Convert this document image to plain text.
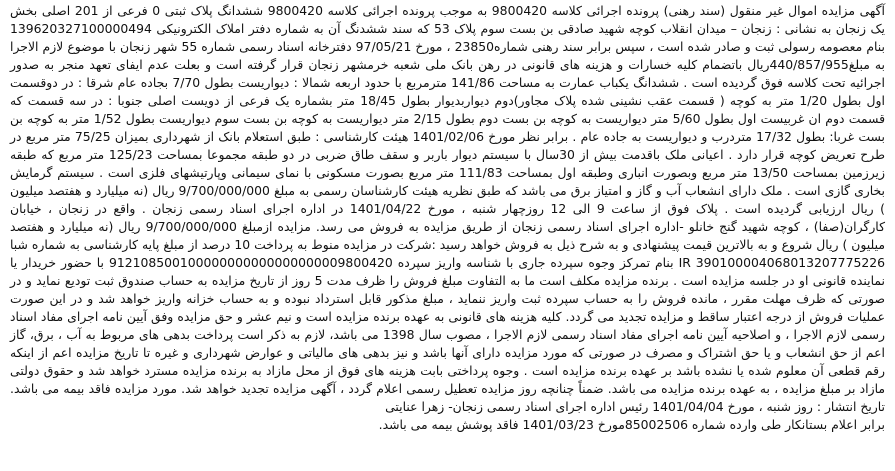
آگهی مزایده اموال غیر منقول (سند رهنی) پرونده اجرائی کلاسه 9800420 به موجب پرونده اجرائی کلاسه 9800420 ششدانگ پلاک ثبتی 0 فرعی از 201 اصلی بخش یک زنجان به نشانی : زنجان – میدان انقلاب کوچه شهید صادقی بن بست سوم پلاک 53 که سند ششدنگ آن به شماره دفتر املاک الکترونیکی 139620327100000494 بنام معصومه رسولی ثبت و صادر شده است ، سپس برابر سند رهنی شماره23850 ، مورخ 97/05/21 دفترخانه اسناد رسمی شماره 55 شهر زنجان با موضوع لازم الاجرا به مبلغ440/857/955ریال باتضمام کلیه خسارات و هزینه های قانونی در رهن بانک ملی شعبه خرمشهر زنجان قرار گرفته است و بعلت عدم ایفای تعهد منجر به صدور اجرائیه تحت کلاسه فوق گردیده است . ششدانگ یکباب عمارت به مساحت 141/86 مترمربع با حدود اربعه شمالا : دیواریست بطول 7/70 بجاده عام شرقا : در دوقسمت اول بطول 1/20 متر به کوچه ( قسمت عقب نشینی شده پلاک مجاور)دوم دیواربدیوار بطول 18/45 متر بشماره یک فرعی از دویست اصلی جنوبا : در سه قسمت که قسمت دوم ان غربیست اول بطول 5/60 متر دیواریست به کوچه بن بست دوم بطول 2/15 متر دیواریست به کوچه بن بست سوم دیواریست بطول 1/52 متر به کوچه بن بست غربا: بطول 17/32 متردرب و دیواریست به جاده عام . برابر نظر مورخ 1401/02/06 هیئت کارشناسی : طبق استعلام بانک از شهرداری بمیزان 75/25 متر مربع در طرح تعریض کوچه قرار دارد . اعیانی ملک باقدمت بیش از 30سال با سیستم دیوار باربر و سقف طاق ضربی در دو طبقه مجموعا بمساحت 125/23 متر مربع که طبقه زیرزمین بمساحت 13/50 متر مربع وبصورت انباری وطبقه اول بمساحت 111/83 متر مربع بصورت مسکونی با نمای سیمانی وپارتیشهای فلزی است . سیستم گرمایش بخاری گازی است . ملک دارای انشعاب آب و گاز و امتیاز برق می باشد که طبق نظریه هیئت کارشناسان رسمی به مبلغ 9/700/000/000 ریال (نه میلیارد و هفتصد میلیون ) ریال ارزیابی گردیده است . پلاک فوق از ساعت 9 الی 12 روزچهار شنبه ، مورخ 1401/04/22 در اداره اجرای اسناد رسمی زنجان . واقع در زنجان ، خیابان کارگران(صفا) ، کوچه شهید گنج خانلو -اداره اجرای اسناد رسمی زنجان از طریق مزایده به فروش می رسد. مزایده ازمبلغ 9/700/000/000 ریال (نه میلیارد و هفتصد میلیون ) ریال شروع و به بالاترین قیمت پیشنهادی و به شرح ذیل به فروش خواهد رسید :شرکت در مزایده منوط به پرداخت 10 درصد از مبلغ پایه کارشناسی به شماره شبا IR 390100004068013207775226 بنام تمرکز وجوه سپرده جاری با شناسه واریز سپرده 912108500100000000000000000009800420 با حضور خریدار یا نماینده قانونی او در جلسه مزایده است . برنده مزایده مکلف است ما به التفاوت مبلغ فروش را ظرف مدت 5 روز از تاریخ مزایده به حساب صندوق ثبت تودیع نماید و در صورتی که ظرف مهلت مقرر ، مانده فروش را به حساب سپرده ثبت واریز ننماید ، مبلغ مذکور قابل استرداد نبوده و به حساب خزانه واریز خواهد شد و در این صورت عملیات فروش از درجه اعتبار ساقط و مزایده تجدید می گردد. کلیه هزینه های قانونی به عهده برنده مزایده است و نیم عشر و حق مزایده وفق آیین نامه اجرای مفاد اسناد رسمی لازم الاجرا ، و اصلاحیه آیین نامه اجرای مفاد اسناد رسمی لازم الاجرا ، مصوب سال 1398 می باشد، لازم به ذکر است پرداخت بدهی های مربوط به آب ، برق، گاز اعم از حق انشعاب و یا حق اشتراک و مصرف در صورتی که مورد مزایده دارای آنها باشد و نیز بدهی های مالیاتی و عوارض شهرداری و غیره تا تاریخ مزایده اعم از اینکه رقم قطعی آن معلوم شده یا نشده باشد بر عهده برنده مزایده است . وجوه پرداختی بابت هزینه های فوق از محل مازاد به برنده مزایده مسترد خواهد شد و حقوق دولتی مازاد بر مبلغ مزایده ، به عهده برنده مزایده می باشد. ضمناً چنانچه روز مزایده تعطیل رسمی اعلام گردد ، آگهی مزایده تجدید خواهد شد. مورد مزایده فاقد بیمه می باشد. تاریخ انتشار : روز شنبه ، مورخ 1401/04/04 رئیس اداره اجرای اسناد رسمی زنجان- زهرا عنایتی

برابر اعلام بستانکار طی وارده شماره 85002506مورخ 1401/03/23 فاقد پوشش بیمه می باشد.
